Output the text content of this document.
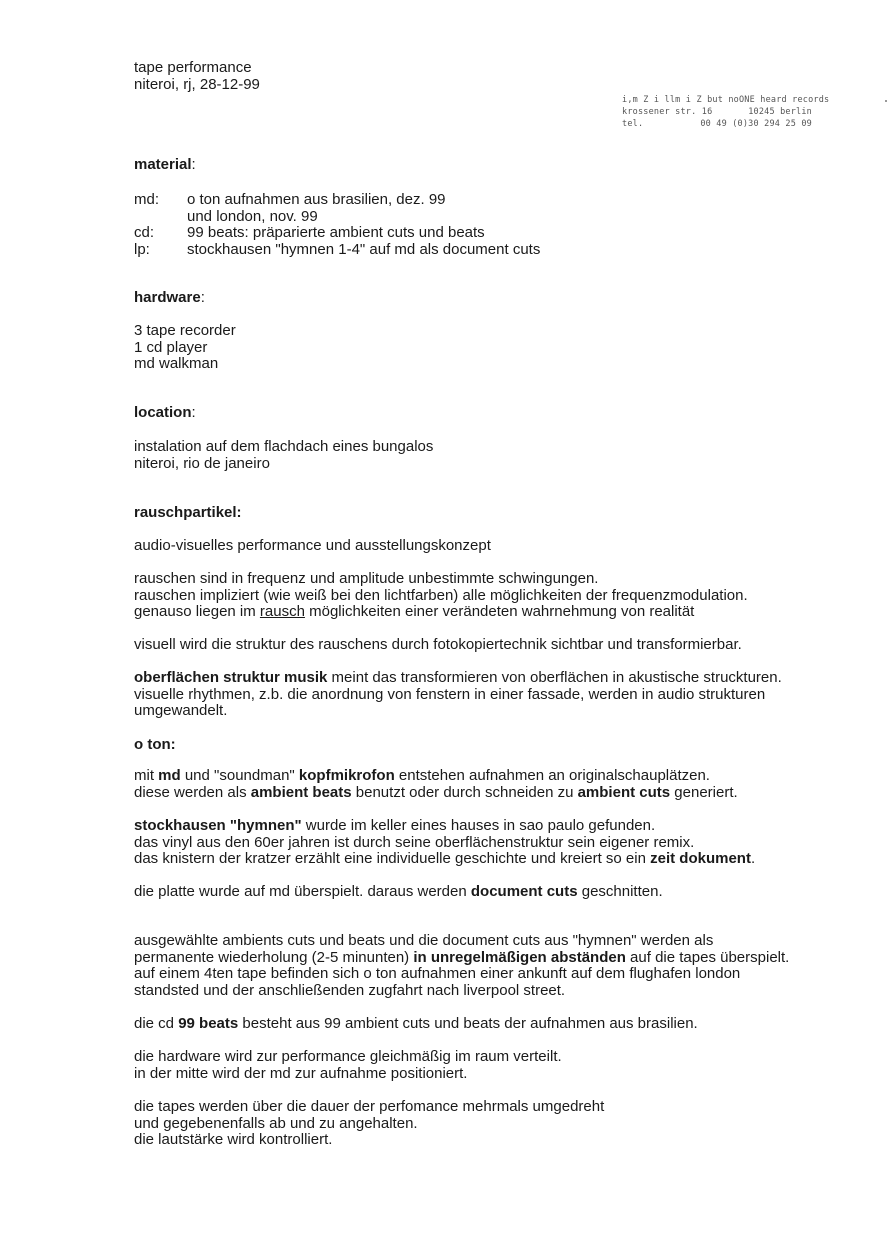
tape performance
niteroi, rj, 28-12-99
i,m Z i llm i Z but noONE heard records
krossener str. 16	10245 berlin
tel.	00 49 (0)30 294 25 09
material:
md:	o ton aufnahmen aus brasilien, dez. 99
und london, nov. 99
cd:	99 beats: präparierte ambient cuts und beats
lp:	stockhausen "hymnen 1-4" auf md als document cuts
hardware:
3 tape recorder
1 cd player
md walkman
location:
instalation auf dem flachdach eines bungalos
niteroi, rio de janeiro
rauschpartikel:
audio-visuelles performance und ausstellungskonzept
rauschen sind in frequenz und amplitude unbestimmte schwingungen.
rauschen impliziert (wie weiß bei den lichtfarben) alle möglichkeiten der frequenzmodulation.
genauso liegen im rausch möglichkeiten einer verändeten wahrnehmung von realität
visuell wird die struktur des rauschens durch fotokopiertechnik sichtbar und transformierbar.
oberflächen struktur musik meint das transformieren von oberflächen in akustische struckturen.
visuelle rhythmen, z.b. die anordnung von fenstern in einer fassade, werden in audio strukturen
umgewandelt.
o ton:
mit md und "soundman" kopfmikrofon entstehen aufnahmen an originalschauplätzen.
diese werden als ambient beats benutzt oder durch schneiden zu ambient cuts generiert.
stockhausen "hymnen" wurde im keller eines hauses in sao paulo gefunden.
das vinyl aus den 60er jahren ist durch seine oberflächenstruktur sein eigener remix.
das knistern der kratzer erzählt eine individuelle geschichte und kreiert so ein zeit dokument.
die platte wurde auf md überspielt. daraus werden document cuts geschnitten.
ausgewählte ambients cuts und beats und die document cuts aus "hymnen" werden als
permanente wiederholung (2-5 minunten) in unregelmäßigen abständen auf die tapes überspielt.
auf einem 4ten tape befinden sich o ton aufnahmen einer ankunft auf dem flughafen london
standsted und der anschließenden zugfahrt nach liverpool street.
die cd 99 beats besteht aus 99 ambient cuts und beats der aufnahmen aus brasilien.
die hardware wird zur performance gleichmäßig im raum verteilt.
in der mitte wird der md zur aufnahme positioniert.
die tapes werden über die dauer der perfomance mehrmals umgedreht
und gegebenenfalls ab und zu angehalten.
die lautstärke wird kontrolliert.
